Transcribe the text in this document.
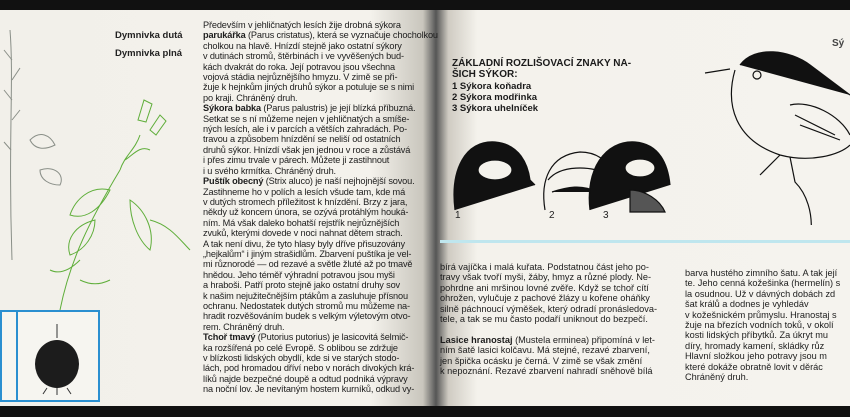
Dymnivka dutá
Dymnivka plná
Především v jehličnatých lesích žije drobná sýkora
parukářka (Parus cristatus), která se vyznačuje chocholkou
cholkou na hlavě. Hnízdí stejně jako ostatní sýkory
v dutinách stromů, štěrbinách i ve vyvěšených bud-
kách dvakrát do roka. Její potravou jsou všechna
vojová stádia nejrůznějšího hmyzu. V zimě se při-
žuje k hejnkům jiných druhů sýkor a potuluje se s nimi
po kraji. Chráněný druh.
Sýkora babka (Parus palustris) je její blízká příbuzná.
Setkat se s ní můžeme nejen v jehličnatých a smíše-
ných lesích, ale i v parcích a větších zahradách. Po-
travou a způsobem hnízdění se neliší od ostatních
druhů sýkor. Hnízdí však jen jednou v roce a zůstává
i přes zimu trvale v párech. Můžete ji zastihnout
i u svého krmítka. Chráněný druh.
Puštík obecný (Strix aluco) je naší nejhojnější sovou.
Zastihneme ho v polích a lesích všude tam, kde má
v dutých stromech příležitost k hnízdění. Brzy z jara,
někdy už koncem února, se ozývá protáhlým houká-
ním. Má však daleko bohatší rejstřík nejrůznějších
zvuků, kterými dovede v noci nahnat dětem strach.
A tak není divu, že tyto hlasy byly dříve přisuzovány
„hejkalům“ i jiným strašidlům. Zbarvení puštíka je vel-
mi různorodé — od rezavé a světle žluté až po tmavě
hnědou. Jeho téměř výhradní potravou jsou myši
a hraboši. Patří proto stejně jako ostatní druhy sov
k našim nejužitečnějším ptákům a zasluhuje přísnou
ochranu. Nedostatek dutých stromů mu můžeme na-
hradit rozvěšováním budek s velkým výletovým otvo-
rem. Chráněný druh.
Tchoř tmavý (Putorius putorius) je lasicovitá šelmič-
ka rozšířená po celé Evropě. S oblibou se zdržuje
v blízkosti lidských obydlí, kde si ve starých stodo-
lách, pod hromadou dříví nebo v norách divokých krá-
líků najde bezpečné doupě a odtud podniká výpravy
na noční lov. Je nevítaným hostem kurníků, odkud vy-
ZÁKLADNÍ ROZLIŠOVACÍ ZNAKY NA-
ŠICH SÝKOR:
1 Sýkora koňadra
2 Sýkora modřinka
3 Sýkora uhelníček
Sý
1	2	3
bírá vajíčka i malá kuřata. Podstatnou část jeho po-
travy však tvoří myši, žáby, hmyz a různé plody. Ne-
pohrdne ani mršinou lovné zvěře. Když se tchoř cítí
ohrožen, vylučuje z pachové žlázy u kořene oháňky
silně páchnoucí výměšek, který odradí pronásledova-
tele, a tak se mu často podaří uniknout do bezpečí.
Lasice hranostaj (Mustela erminea) připomíná v let-
ním šatě lasici kolčavu. Má stejné, rezavé zbarvení,
jen špička ocásku je černá. V zimě se však změní
k nepoznání. Rezavé zbarvení nahradí sněhově bílá
barva hustého zimního šatu. A tak její
te. Jeho cenná kožešinka (hermelín) s
la osudnou. Už v dávných dobách zd
šat králů a dodnes je vyhledáv
v kožešnickém průmyslu. Hranostaj s
žuje na březích vodních toků, v okolí
kosti lidských příbytků. Za úkryt mu
díry, hromady kamení, skládky růz
Hlavní složkou jeho potravy jsou m
které dokáže obratně lovit v děrác
Chráněný druh.
